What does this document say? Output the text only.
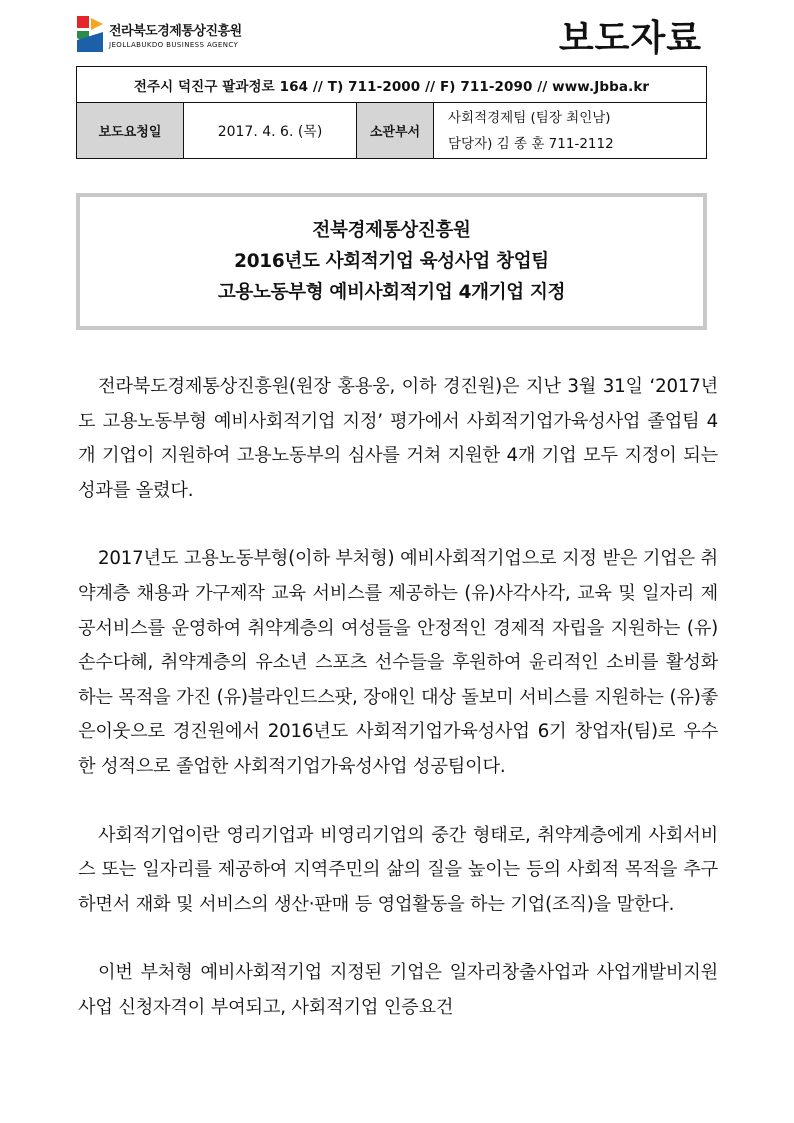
전라북도경제통상진흥원
JEOLLABUKDO BUSINESS AGENCY	보도자료
전주시 덕진구 팔과정로 164 // T) 711-2000 // F) 711-2090 // www.Jbba.kr
보도요청일	2017. 4. 6. (목)	소관부서	
사회적경제팀 (팀장 최인남)
담당자) 김 종 훈 711-2112
전북경제통상진흥원
2016년도 사회적기업 육성사업 창업팀
고용노동부형 예비사회적기업 4개기업 지정

전라북도경제통상진흥원(원장 홍용웅, 이하 경진원)은 지난 3월 31일 ‘2017년도 고용노동부형 예비사회적기업 지정’ 평가에서 사회적기업가육성사업 졸업팀 4개 기업이 지원하여 고용노동부의 심사를 거쳐 지원한 4개 기업 모두 지정이 되는 성과를 올렸다.

2017년도 고용노동부형(이하 부처형) 예비사회적기업으로 지정 받은 기업은 취약계층 채용과 가구제작 교육 서비스를 제공하는 (유)사각사각, 교육 및 일자리 제공서비스를 운영하여 취약계층의 여성들을 안정적인 경제적 자립을 지원하는 (유)손수다혜, 취약계층의 유소년 스포츠 선수들을 후원하여 윤리적인 소비를 활성화 하는 목적을 가진 (유)블라인드스팟, 장애인 대상 돌보미 서비스를 지원하는 (유)좋은이웃으로 경진원에서 2016년도 사회적기업가육성사업 6기 창업자(팀)로 우수한 성적으로 졸업한 사회적기업가육성사업 성공팀이다.

사회적기업이란 영리기업과 비영리기업의 중간 형태로, 취약계층에게 사회서비스 또는 일자리를 제공하여 지역주민의 삶의 질을 높이는 등의 사회적 목적을 추구하면서 재화 및 서비스의 생산·판매 등 영업활동을 하는 기업(조직)을 말한다.

이번 부처형 예비사회적기업 지정된 기업은 일자리창출사업과 사업개발비지원 사업 신청자격이 부여되고, 사회적기업 인증요건
